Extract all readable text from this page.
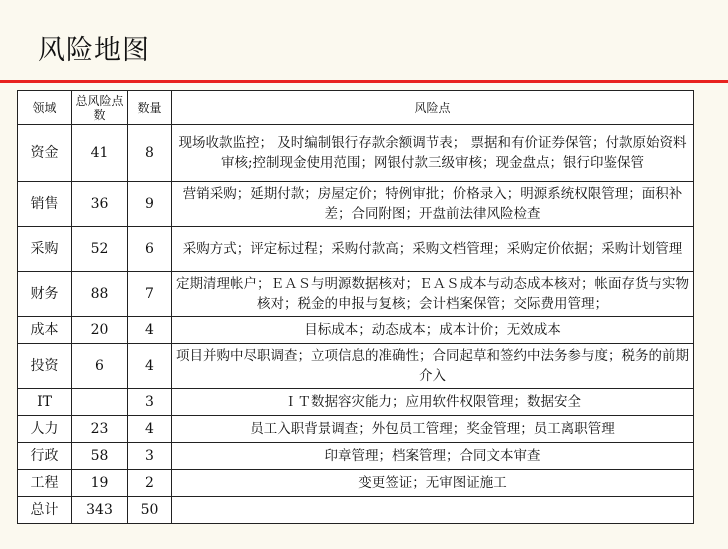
风险地图
领域	总风险点数	数量	风险点
资金	41	8	现场收款监控； 及时编制银行存款余额调节表； 票据和有价证券保管；付款原始资料审核;控制现金使用范围；网银付款三级审核；现金盘点；银行印鉴保管
销售	36	9	营销采购；延期付款；房屋定价；特例审批；价格录入；明源系统权限管理；面积补差；合同附图；开盘前法律风险检查
采购	52	6	采购方式；评定标过程；采购付款高；采购文档管理；采购定价依据；采购计划管理
财务	88	7	定期清理帐户；ＥＡＳ与明源数据核对；ＥＡＳ成本与动态成本核对；帐面存货与实物核对；税金的申报与复核；会计档案保管；交际费用管理；
成本	20	4	目标成本；动态成本；成本计价；无效成本
投资	6	4	项目并购中尽职调查；立项信息的准确性；合同起草和签约中法务参与度；税务的前期介入
IT		3	ＩＴ数据容灾能力；应用软件权限管理；数据安全
人力	23	4	员工入职背景调查；外包员工管理；奖金管理；员工离职管理
行政	58	3	印章管理；档案管理；合同文本审查
工程	19	2	变更签证；无审图证施工
总计	343	50	
